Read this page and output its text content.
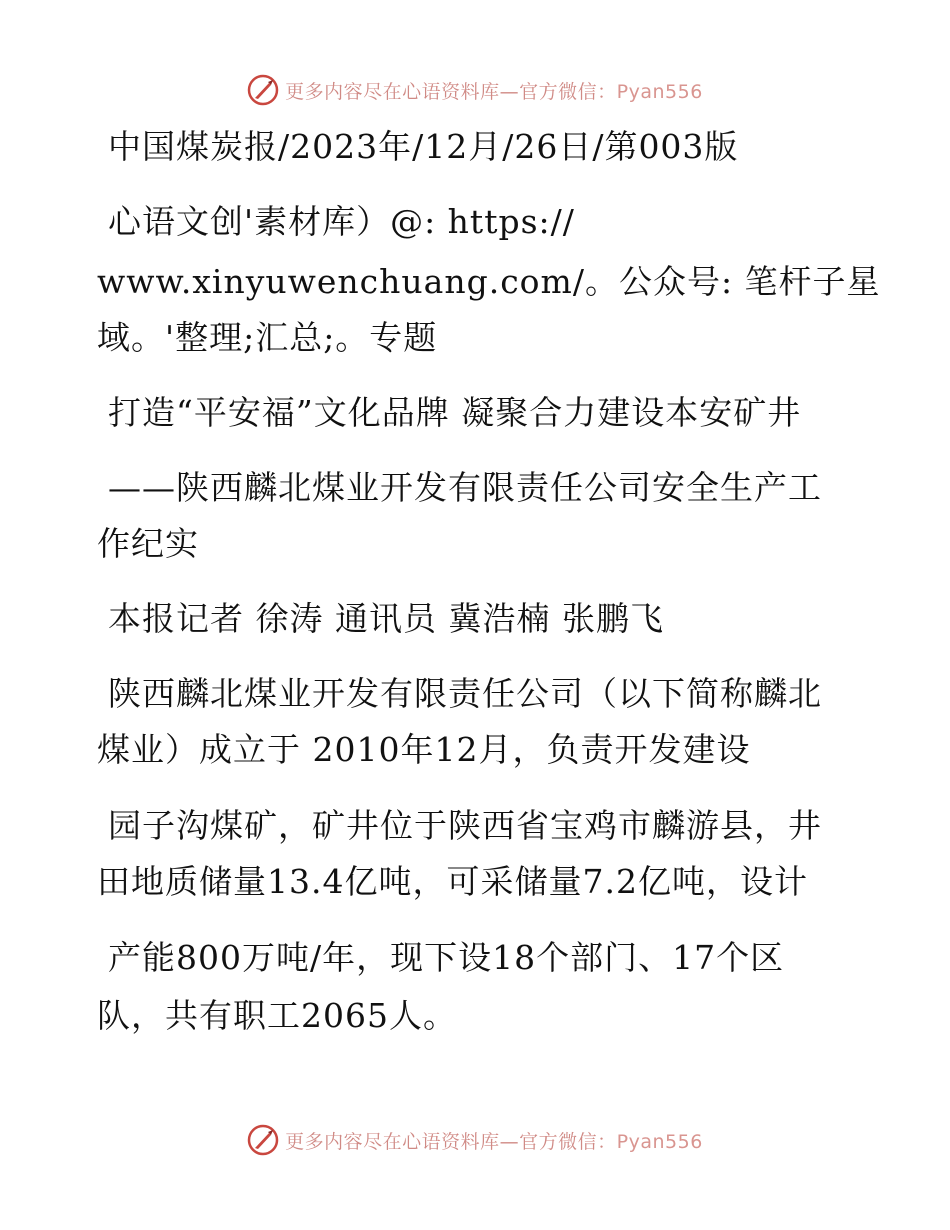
更多内容尽在心语资料库—官方微信：Pyan556
中国煤炭报/2023年/12月/26日/第003版
心语文创'素材库）@: https://
www.xinyuwenchuang.com/。公众号: 笔杆子星
域。'整理;汇总;。专题
打造“平安福”文化品牌 凝聚合力建设本安矿井
——陕西麟北煤业开发有限责任公司安全生产工
作纪实
本报记者 徐涛 通讯员 冀浩楠 张鹏飞
陕西麟北煤业开发有限责任公司（以下简称麟北
煤业）成立于 2010年12月，负责开发建设
园子沟煤矿，矿井位于陕西省宝鸡市麟游县，井
田地质储量13.4亿吨，可采储量7.2亿吨，设计
产能800万吨/年，现下设18个部门、17个区
队，共有职工2065人。
更多内容尽在心语资料库—官方微信：Pyan556
